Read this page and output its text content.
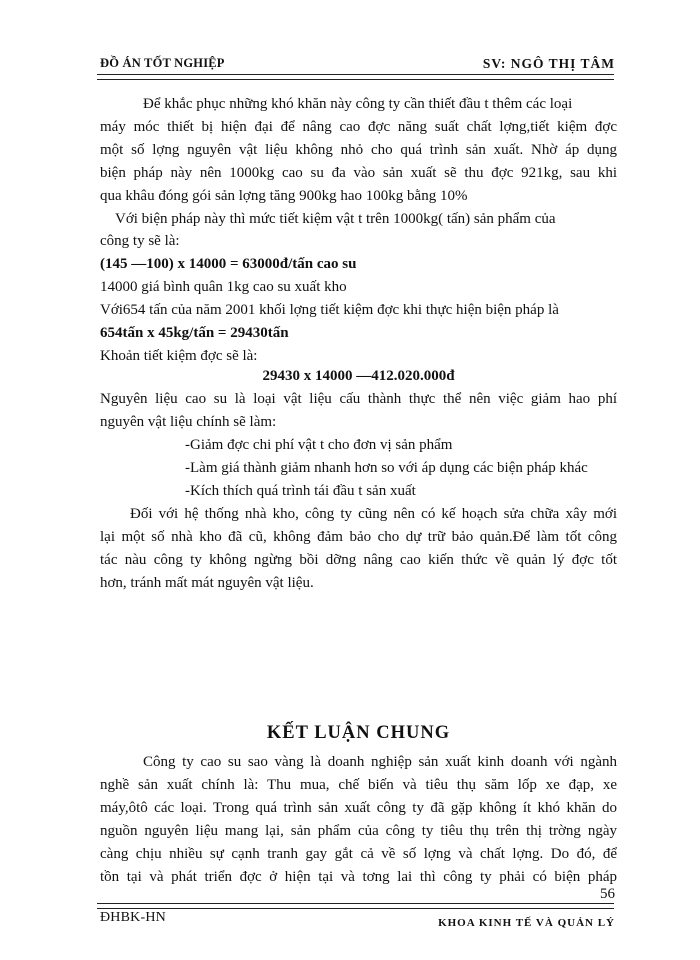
ĐỒ ÁN TỐT NGHIỆP	SV: NGÔ THỊ TÂM
Để khắc phục những khó khăn này công ty cần thiết đầu t thêm các loại
máy móc thiết bị hiện đại để nâng cao đợc năng suất chất lợng,tiết kiệm đợc
một số lợng nguyên vật liệu không nhỏ cho quá trình sản xuất. Nhờ áp dụng
biện pháp này nên 1000kg cao su đa vào sản xuất sẽ thu đợc 921kg, sau khi
qua khâu đóng gói sản lợng tăng 900kg hao 100kg bằng 10%
Với biện pháp này thì mức tiết kiệm vật t trên 1000kg( tấn) sản phẩm của
công ty sẽ là:
(145 —100) x 14000 = 63000đ/tấn cao su
14000 giá bình quân 1kg cao su xuất kho
Với654 tấn của năm 2001 khối lợng tiết kiệm đợc khi thực hiện biện pháp là
654tấn x 45kg/tấn = 29430tấn
Khoản tiết kiệm đợc sẽ là:
29430 x 14000 —412.020.000đ
Nguyên liệu cao su là loại vật liệu cấu thành thực thể nên việc giảm hao phí
nguyên vật liệu chính sẽ làm:
-Giảm đợc chi phí vật t cho đơn vị sản phẩm
-Làm giá thành giảm nhanh hơn so với áp dụng các biện pháp khác
-Kích thích quá trình tái đầu t sản xuất
Đối với hệ thống nhà kho, công ty cũng nên có kế hoạch sửa chữa xây mới
lại một số nhà kho đã cũ, không đảm bảo cho dự trữ bảo quản.Để làm tốt công
tác nàu công ty không ngừng bồi dỡng nâng cao kiến thức về quản lý đợc tốt
hơn, tránh mất mát nguyên vật liệu.
KẾT LUẬN CHUNG
Công ty cao su sao vàng là doanh nghiệp sản xuất kinh doanh với ngành
nghề sản xuất chính là: Thu mua, chế biến và tiêu thụ săm lốp xe đạp, xe
máy,ôtô các loại. Trong quá trình sản xuất công ty đã gặp không ít khó khăn do
nguồn nguyên liệu mang lại, sản phẩm của công ty tiêu thụ trên thị trờng ngày
càng chịu nhiều sự cạnh tranh gay gắt cả về số lợng và chất lợng. Do đó, để
tồn tại và phát triển đợc ở hiện tại và tơng lai thì công ty phải có biện pháp
56
ĐHBK-HN	KHOA KINH TẾ VÀ QUẢN LÝ
